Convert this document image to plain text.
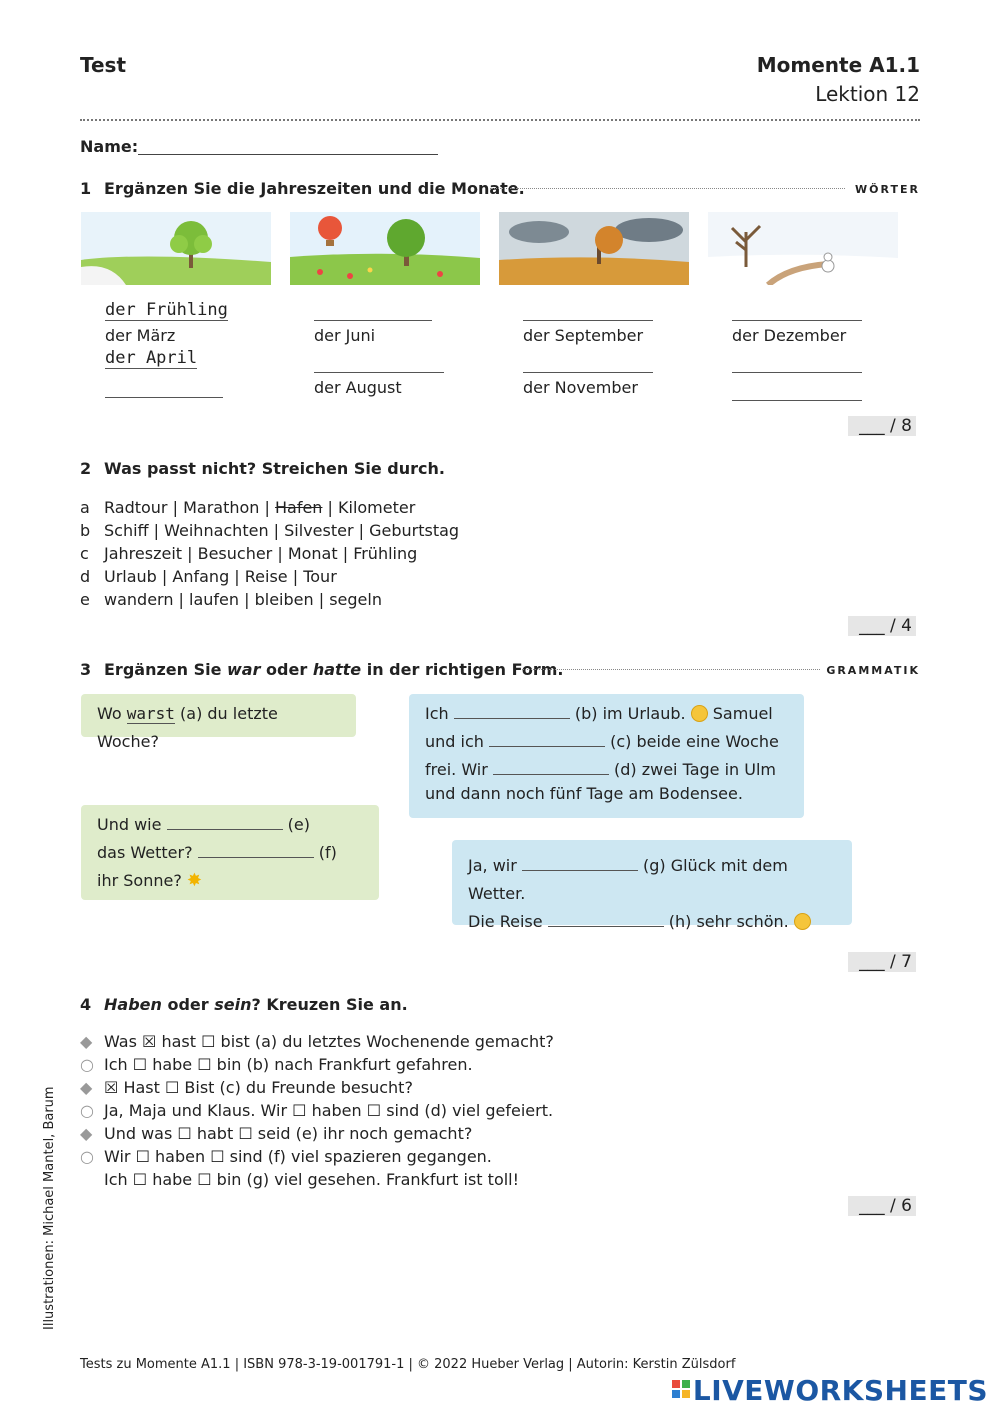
Test	Momente A1.1
Lektion 12
Name:
1 Ergänzen Sie die Jahreszeiten und die Monate.	WÖRTER
der Frühling
der März
der April
der Juni
der August
der September
der November
der Dezember
___ / 8
2 Was passt nicht? Streichen Sie durch.
a Radtour | Marathon | Hafen | Kilometer
b Schiff | Weihnachten | Silvester | Geburtstag
c Jahreszeit | Besucher | Monat | Frühling
d Urlaub | Anfang | Reise | Tour
e wandern | laufen | bleiben | segeln
___ / 4
3 Ergänzen Sie war oder hatte in der richtigen Form.	GRAMMATIK
Wo warst (a) du letzte Woche?
Ich	(b) im Urlaub.  Samuel
und ich	(c) beide eine Woche
frei. Wir	(d) zwei Tage in Ulm
und dann noch fünf Tage am Bodensee.
Und wie	(e)
das Wetter?	(f)
ihr Sonne? ✸
Ja, wir	(g) Glück mit dem Wetter.
Die Reise	(h) sehr schön.
___ / 7
4 Haben oder sein? Kreuzen Sie an.
◆ Was ☒ hast ☐ bist (a) du letztes Wochenende gemacht?
○ Ich ☐ habe ☐ bin (b) nach Frankfurt gefahren.
◆ ☒ Hast ☐ Bist (c) du Freunde besucht?
○ Ja, Maja und Klaus. Wir ☐ haben ☐ sind (d) viel gefeiert.
◆ Und was ☐ habt ☐ seid (e) ihr noch gemacht?
○ Wir ☐ haben ☐ sind (f) viel spazieren gegangen.
Ich ☐ habe ☐ bin (g) viel gesehen. Frankfurt ist toll!
___ / 6
Illustrationen: Michael Mantel, Barum
Tests zu Momente A1.1 | ISBN 978-3-19-001791-1 | © 2022 Hueber Verlag | Autorin: Kerstin Zülsdorf

LIVEWORKSHEETS
